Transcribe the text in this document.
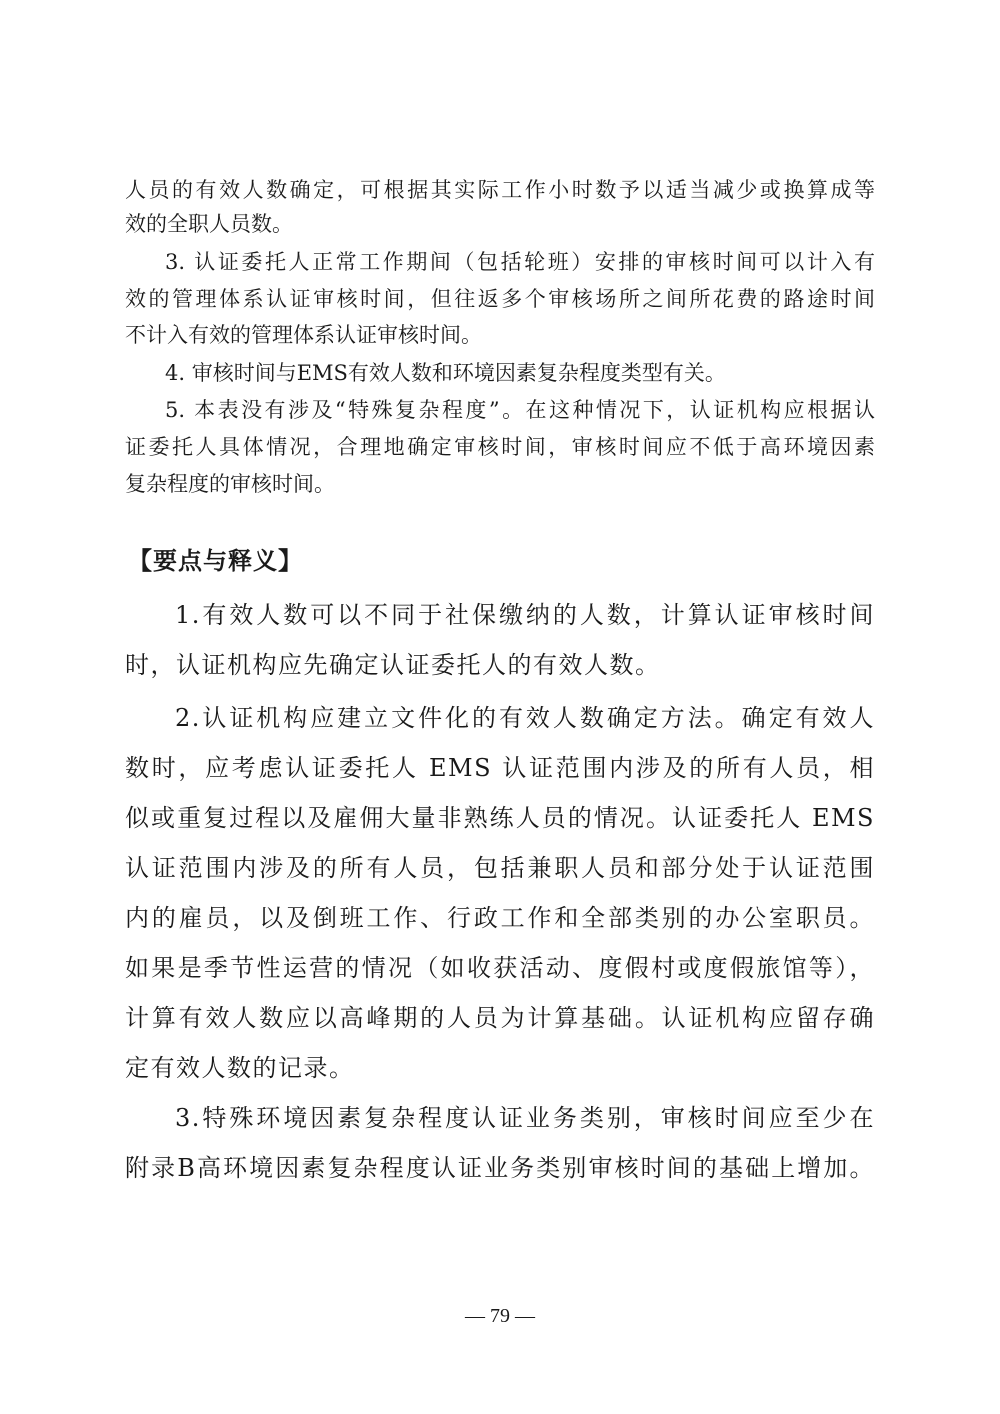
人员的有效人数确定，可根据其实际工作小时数予以适当减少或换算成等

效的全职人员数。

3. 认证委托人正常工作期间（包括轮班）安排的审核时间可以计入有

效的管理体系认证审核时间，但往返多个审核场所之间所花费的路途时间

不计入有效的管理体系认证审核时间。

4. 审核时间与EMS有效人数和环境因素复杂程度类型有关。

5. 本表没有涉及“特殊复杂程度”。在这种情况下，认证机构应根据认

证委托人具体情况，合理地确定审核时间，审核时间应不低于高环境因素

复杂程度的审核时间。

【要点与释义】

1.有效人数可以不同于社保缴纳的人数，计算认证审核时间

时，认证机构应先确定认证委托人的有效人数。

2.认证机构应建立文件化的有效人数确定方法。确定有效人

数时，应考虑认证委托人 EMS 认证范围内涉及的所有人员，相

似或重复过程以及雇佣大量非熟练人员的情况。认证委托人 EMS

认证范围内涉及的所有人员，包括兼职人员和部分处于认证范围

内的雇员，以及倒班工作、行政工作和全部类别的办公室职员。

如果是季节性运营的情况（如收获活动、度假村或度假旅馆等），

计算有效人数应以高峰期的人员为计算基础。认证机构应留存确

定有效人数的记录。

3.特殊环境因素复杂程度认证业务类别，审核时间应至少在

附录B高环境因素复杂程度认证业务类别审核时间的基础上增加。

— 79 —
